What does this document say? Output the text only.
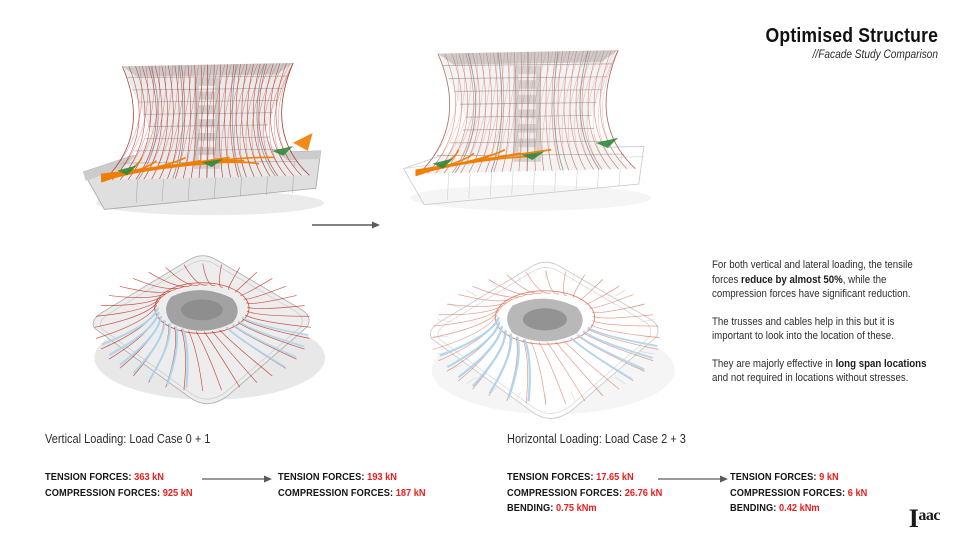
Optimised Structure
//Facade Study Comparison

For both vertical and lateral loading, the tensile forces reduce by almost 50%, while the compression forces have significant reduction.

The trusses and cables help in this but it is important to look into the location of these.

They are majorly effective in long span locations and not required in locations without stresses.

Vertical Loading: Load Case 0 + 1	Horizontal Loading: Load Case 2 + 3
TENSION FORCES: 363 kN
COMPRESSION FORCES: 925 kN
TENSION FORCES: 193 kN
COMPRESSION FORCES: 187 kN
TENSION FORCES: 17.65 kN
COMPRESSION FORCES: 26.76 kN
BENDING: 0.75 kNm
TENSION FORCES: 9 kN
COMPRESSION FORCES: 6 kN
BENDING: 0.42 kNm	Iaac
